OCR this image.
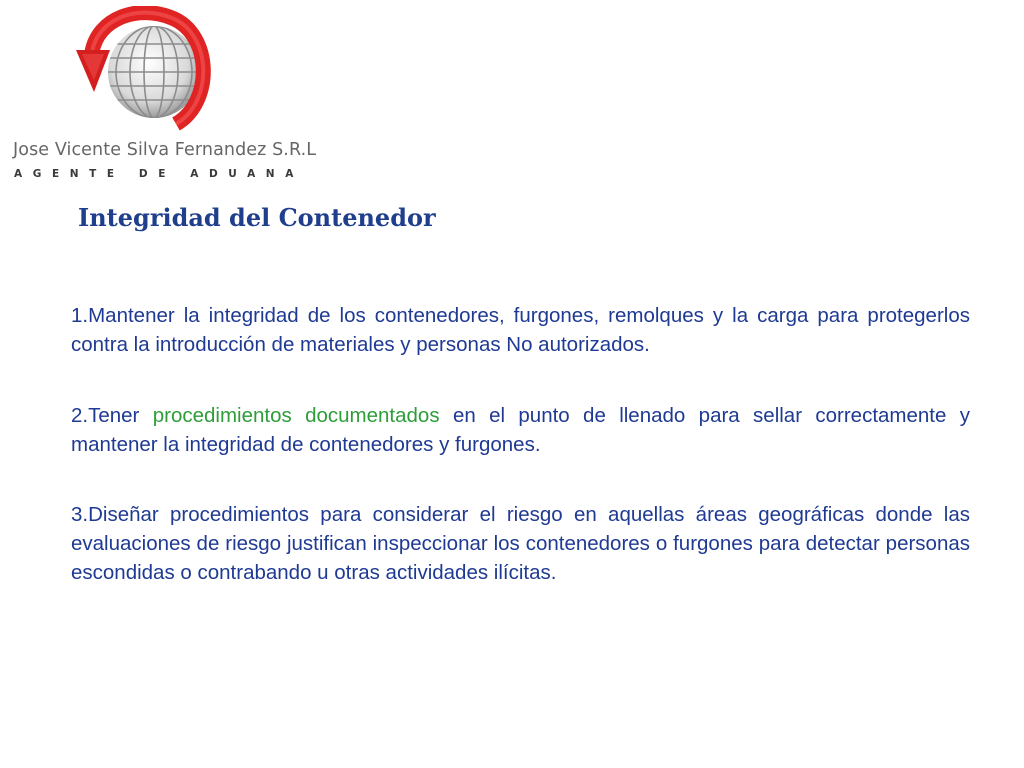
Jose Vicente Silva Fernandez S.R.L
AGENTE DE ADUANA
Integridad del Contenedor

1.Mantener la integridad de los contenedores, furgones, remolques y la carga para protegerlos contra la introducción de materiales y personas No autorizados.

2.Tener procedimientos documentados en el punto de llenado para sellar correctamente y mantener la integridad de contenedores y furgones.

3.Diseñar procedimientos para considerar el riesgo en aquellas áreas geográficas donde las evaluaciones de riesgo justifican inspeccionar los contenedores o furgones para detectar personas escondidas o contrabando u otras actividades ilícitas.
